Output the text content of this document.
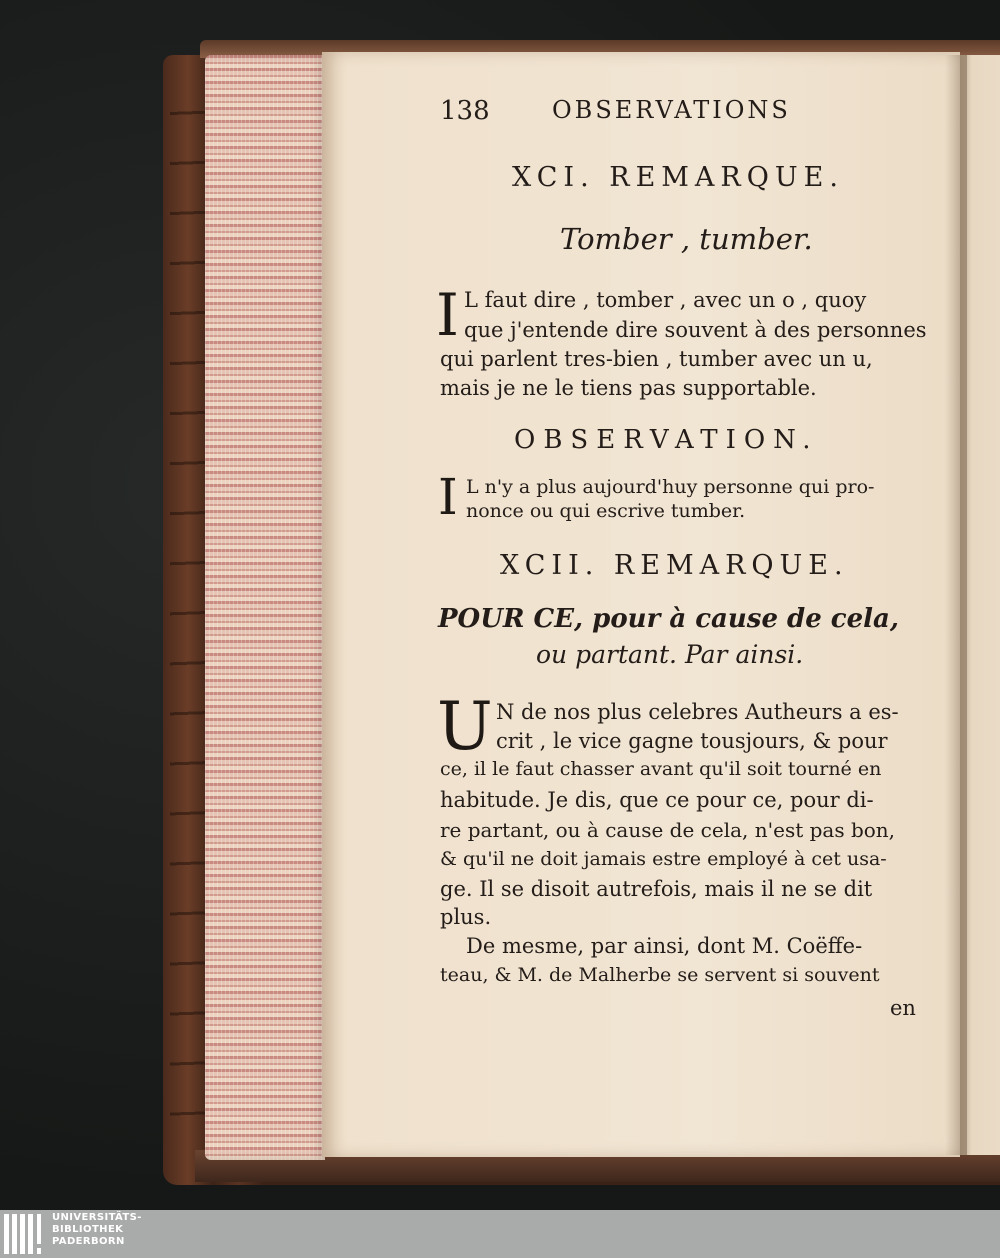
138	OBSERVATIONS
XCI. REMARQUE.
Tomber , tumber.
I L faut dire , tomber , avec un o , quoy
que j'entende dire souvent à des personnes
qui parlent tres-bien , tumber avec un u,
mais je ne le tiens pas supportable.
OBSERVATION.
I L n'y a plus aujourd'huy personne qui pro-
nonce ou qui escrive tumber.
XCII. REMARQUE.
POUR CE, pour à cause de cela,
ou partant. Par ainsi.
U N de nos plus celebres Autheurs a es-
crit , le vice gagne tousjours, & pour
ce, il le faut chasser avant qu'il soit tourné en
habitude. Je dis, que ce pour ce, pour di-
re partant, ou à cause de cela, n'est pas bon,
& qu'il ne doit jamais estre employé à cet usa-
ge. Il se disoit autrefois, mais il ne se dit
plus.
De mesme, par ainsi, dont M. Coëffe-
teau, & M. de Malherbe se servent si souvent
en
UNIVERSITÄTS-
BIBLIOTHEK
PADERBORN
